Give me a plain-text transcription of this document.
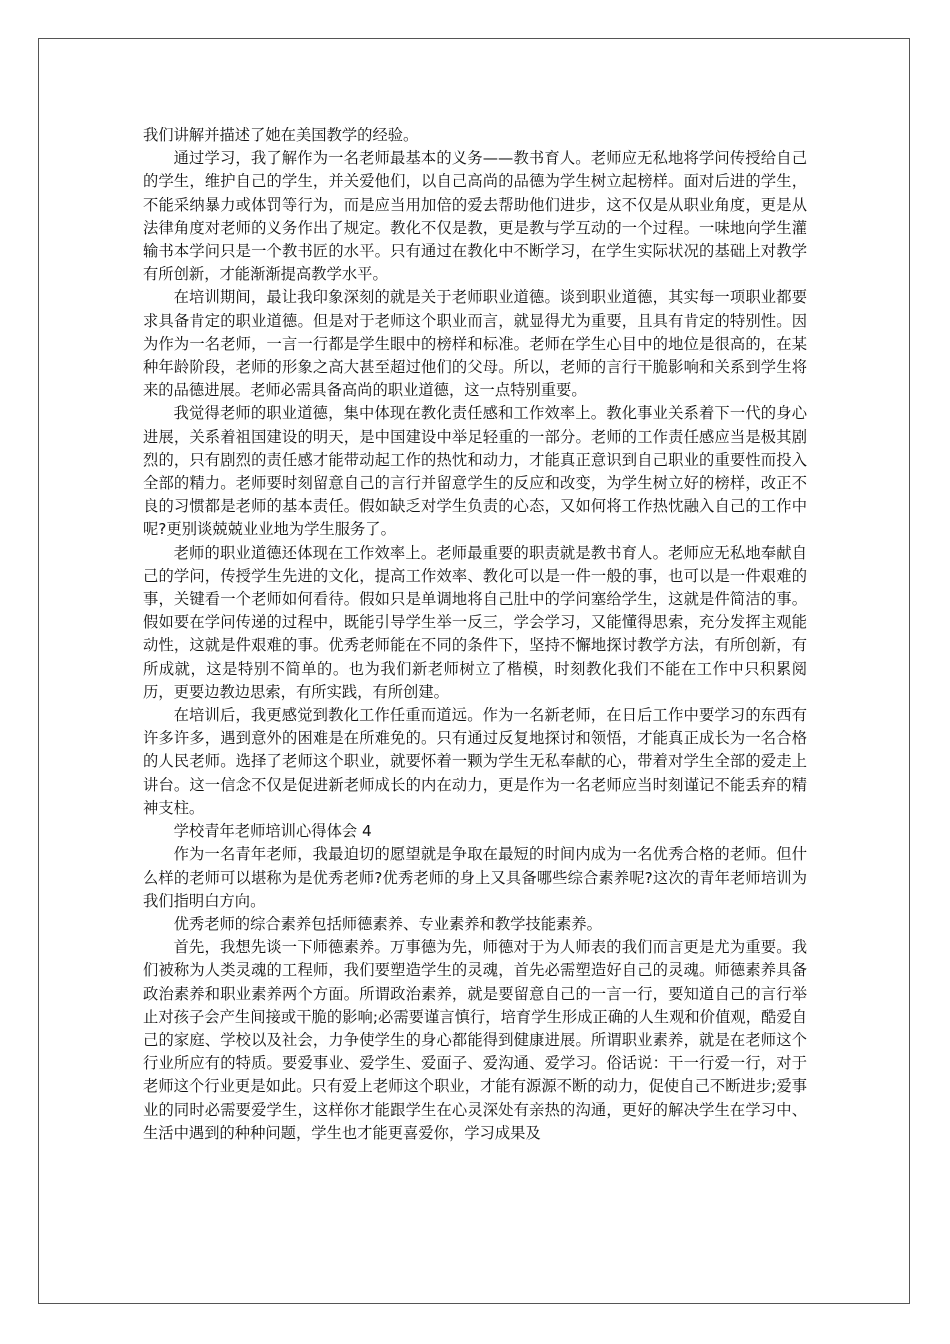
我们讲解并描述了她在美国教学的经验。

通过学习，我了解作为一名老师最基本的义务——教书育人。老师应无私地将学问传授给自己的学生，维护自己的学生，并关爱他们，以自己高尚的品德为学生树立起榜样。面对后进的学生，不能采纳暴力或体罚等行为，而是应当用加倍的爱去帮助他们进步，这不仅是从职业角度，更是从法律角度对老师的义务作出了规定。教化不仅是教，更是教与学互动的一个过程。一味地向学生灌输书本学问只是一个教书匠的水平。只有通过在教化中不断学习，在学生实际状况的基础上对教学有所创新，才能渐渐提高教学水平。

在培训期间，最让我印象深刻的就是关于老师职业道德。谈到职业道德，其实每一项职业都要求具备肯定的职业道德。但是对于老师这个职业而言，就显得尤为重要，且具有肯定的特别性。因为作为一名老师，一言一行都是学生眼中的榜样和标准。老师在学生心目中的地位是很高的，在某种年龄阶段，老师的形象之高大甚至超过他们的父母。所以，老师的言行干脆影响和关系到学生将来的品德进展。老师必需具备高尚的职业道德，这一点特别重要。

我觉得老师的职业道德，集中体现在教化责任感和工作效率上。教化事业关系着下一代的身心进展，关系着祖国建设的明天，是中国建设中举足轻重的一部分。老师的工作责任感应当是极其剧烈的，只有剧烈的责任感才能带动起工作的热忱和动力，才能真正意识到自己职业的重要性而投入全部的精力。老师要时刻留意自己的言行并留意学生的反应和改变，为学生树立好的榜样，改正不良的习惯都是老师的基本责任。假如缺乏对学生负责的心态，又如何将工作热忱融入自己的工作中呢?更别谈兢兢业业地为学生服务了。

老师的职业道德还体现在工作效率上。老师最重要的职责就是教书育人。老师应无私地奉献自己的学问，传授学生先进的文化，提高工作效率、教化可以是一件一般的事，也可以是一件艰难的事，关键看一个老师如何看待。假如只是单调地将自己肚中的学问塞给学生，这就是件简洁的事。假如要在学问传递的过程中，既能引导学生举一反三，学会学习，又能懂得思索，充分发挥主观能动性，这就是件艰难的事。优秀老师能在不同的条件下，坚持不懈地探讨教学方法，有所创新，有所成就，这是特别不简单的。也为我们新老师树立了楷模，时刻教化我们不能在工作中只积累阅历，更要边教边思索，有所实践，有所创建。

在培训后，我更感觉到教化工作任重而道远。作为一名新老师，在日后工作中要学习的东西有许多许多，遇到意外的困难是在所难免的。只有通过反复地探讨和领悟，才能真正成长为一名合格的人民老师。选择了老师这个职业，就要怀着一颗为学生无私奉献的心，带着对学生全部的爱走上讲台。这一信念不仅是促进新老师成长的内在动力，更是作为一名老师应当时刻谨记不能丢弃的精神支柱。

学校青年老师培训心得体会 4

作为一名青年老师，我最迫切的愿望就是争取在最短的时间内成为一名优秀合格的老师。但什么样的老师可以堪称为是优秀老师?优秀老师的身上又具备哪些综合素养呢?这次的青年老师培训为我们指明白方向。

优秀老师的综合素养包括师德素养、专业素养和教学技能素养。

首先，我想先谈一下师德素养。万事德为先，师德对于为人师表的我们而言更是尤为重要。我们被称为人类灵魂的工程师，我们要塑造学生的灵魂，首先必需塑造好自己的灵魂。师德素养具备政治素养和职业素养两个方面。所谓政治素养，就是要留意自己的一言一行，要知道自己的言行举止对孩子会产生间接或干脆的影响;必需要谨言慎行，培育学生形成正确的人生观和价值观，酷爱自己的家庭、学校以及社会，力争使学生的身心都能得到健康进展。所谓职业素养，就是在老师这个行业所应有的特质。要爱事业、爱学生、爱面子、爱沟通、爱学习。俗话说：干一行爱一行，对于老师这个行业更是如此。只有爱上老师这个职业，才能有源源不断的动力，促使自己不断进步;爱事业的同时必需要爱学生，这样你才能跟学生在心灵深处有亲热的沟通，更好的解决学生在学习中、生活中遇到的种种问题，学生也才能更喜爱你，学习成果及
